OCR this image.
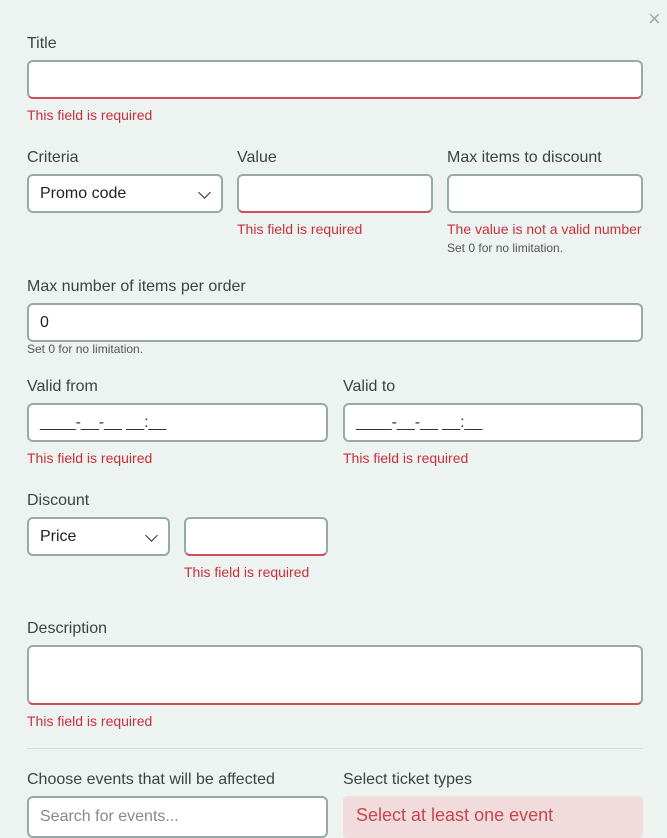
×
Title
This field is required
Criteria
Promo code
Value
This field is required
Max items to discount
The value is not a valid number
Set 0 for no limitation.
Max number of items per order
0
Set 0 for no limitation.
Valid from
____-__-__ __:__
This field is required
Valid to
____-__-__ __:__
This field is required
Discount
Price
This field is required
Description
This field is required
Choose events that will be affected
Search for events...
Select ticket types
Select at least one event
